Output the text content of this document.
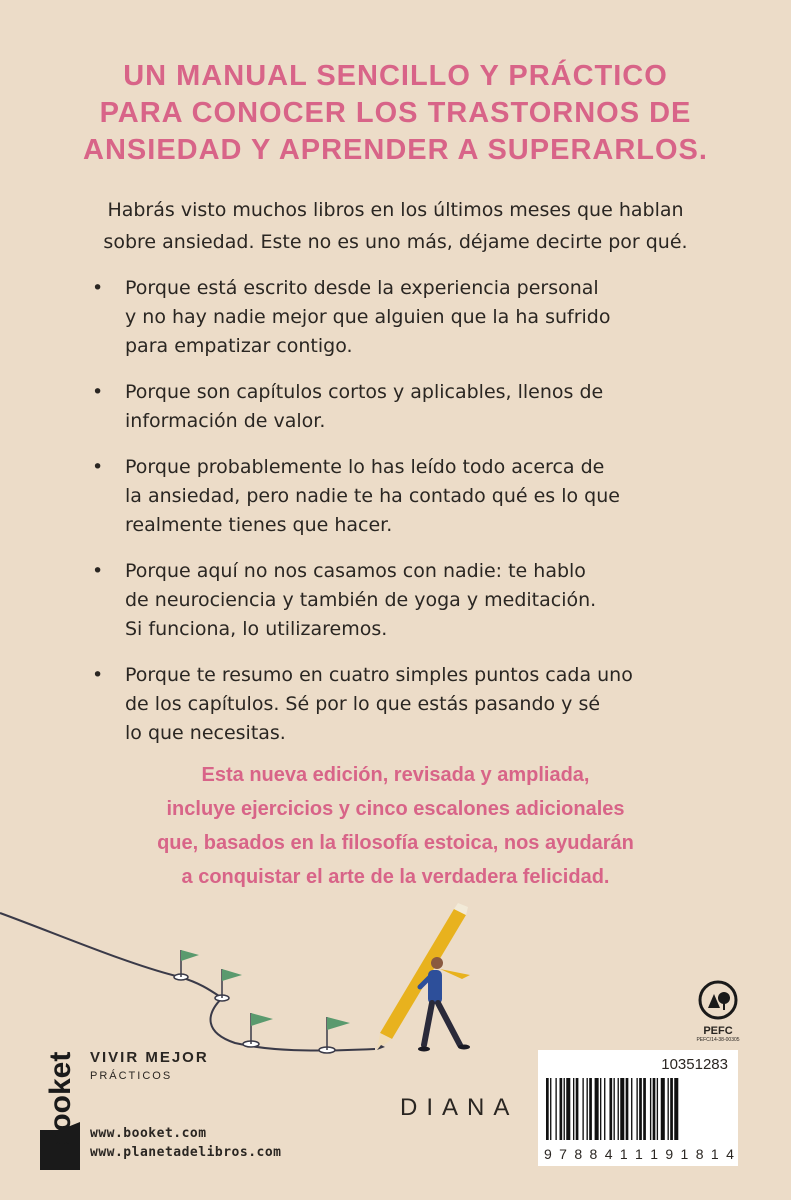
UN MANUAL SENCILLO Y PRÁCTICO
PARA CONOCER LOS TRASTORNOS DE
ANSIEDAD Y APRENDER A SUPERARLOS.

Habrás visto muchos libros en los últimos meses que hablan
sobre ansiedad. Este no es uno más, déjame decirte por qué.

• Porque está escrito desde la experiencia personal
y no hay nadie mejor que alguien que la ha sufrido
para empatizar contigo.
• Porque son capítulos cortos y aplicables, llenos de
información de valor.
• Porque probablemente lo has leído todo acerca de
la ansiedad, pero nadie te ha contado qué es lo que
realmente tienes que hacer.
• Porque aquí no nos casamos con nadie: te hablo
de neurociencia y también de yoga y meditación.
Si funciona, lo utilizaremos.
• Porque te resumo en cuatro simples puntos cada uno
de los capítulos. Sé por lo que estás pasando y sé
lo que necesitas.

Esta nueva edición, revisada y ampliada,
incluye ejercicios y cinco escalones adicionales
que, basados en la filosofía estoica, nos ayudarán
a conquistar el arte de la verdadera felicidad.

booket VIVIR MEJOR
PRÁCTICOS
www.booket.com
www.planetadelibros.com
DIANA
PEFC
PEFC/14-38-00305
10351283
9 7 8 8 4 1 1 1 9 1 8 1 4
